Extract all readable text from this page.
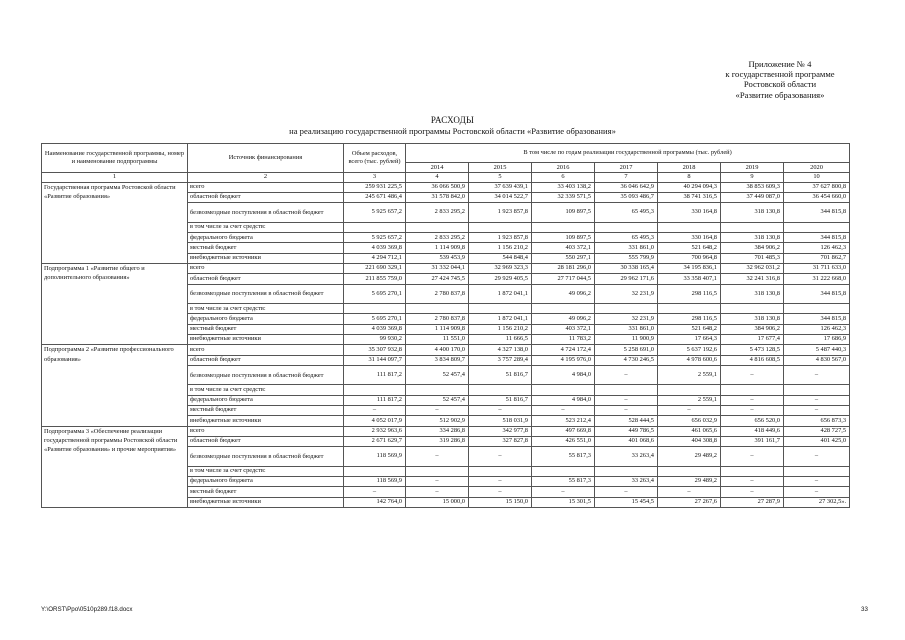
Приложение № 4
к государственной программе
Ростовской области
«Развитие образования»
РАСХОДЫ
на реализацию государственной программы Ростовской области «Развитие образования»
Наименование государственной программы, номер и наименование подпрограммы	Источник финансирования	Объем расходов, всего (тыс. рублей)	В том числе по годам реализации государственной программы (тыс. рублей)						
			2014	2015	2016	2017	2018	2019	2020
1	2	3	4	5	6	7	8	9	10
Государственная программа Ростовской области «Развитие образования»	всего	259 931 225,5	36 066 500,9	37 639 439,1	33 403 138,2	36 046 642,9	40 294 094,3	38 853 609,3	37 627 800,8
	областной бюджет	245 671 486,4	31 578 842,0	34 014 522,7	32 339 571,5	35 093 486,7	38 741 316,5	37 449 087,0	36 454 660,0
	безвозмездные поступления в областной бюджет	5 925 657,2	2 833 295,2	1 923 857,8	109 897,5	65 495,3	330 164,8	318 130,8	344 815,8
	в том числе за счет средств:								
	федерального бюджета	5 925 657,2	2 833 295,2	1 923 857,8	109 897,5	65 495,3	330 164,8	318 130,8	344 815,8
	местный бюджет	4 039 369,8	1 114 909,8	1 156 210,2	403 372,1	331 861,0	521 648,2	384 906,2	126 462,3
	внебюджетные источники	4 294 712,1	539 453,9	544 848,4	550 297,1	555 799,9	700 964,8	701 485,3	701 862,7
Подпрограмма 1 «Развитие общего и дополнительного образования»	всего	221 690 329,1	31 332 044,1	32 969 323,3	28 181 296,0	30 338 165,4	34 195 836,1	32 962 031,2	31 711 633,0
	областной бюджет	211 855 759,0	27 424 745,5	29 929 405,5	27 717 044,5	29 962 171,6	33 358 407,1	32 241 316,8	31 222 668,0
	безвозмездные поступления в областной бюджет	5 695 270,1	2 780 837,8	1 872 041,1	49 096,2	32 231,9	298 116,5	318 130,8	344 815,8
	в том числе за счет средств:								
	федерального бюджета	5 695 270,1	2 780 837,8	1 872 041,1	49 096,2	32 231,9	298 116,5	318 130,8	344 815,8
	местный бюджет	4 039 369,8	1 114 909,8	1 156 210,2	403 372,1	331 861,0	521 648,2	384 906,2	126 462,3
	внебюджетные источники	99 930,2	11 551,0	11 666,5	11 783,2	11 900,9	17 664,3	17 677,4	17 686,9
Подпрограмма 2 «Развитие профессионального образования»	всего	35 307 932,8	4 400 170,0	4 327 138,0	4 724 172,4	5 258 691,0	5 637 192,6	5 473 128,5	5 487 440,3
	областной бюджет	31 144 097,7	3 834 809,7	3 757 289,4	4 195 976,0	4 730 246,5	4 978 600,6	4 816 608,5	4 830 567,0
	безвозмездные поступления в областной бюджет	111 817,2	52 457,4	51 816,7	4 984,0	–	2 559,1	–	–
	в том числе за счет средств:								
	федерального бюджета	111 817,2	52 457,4	51 816,7	4 984,0	–	2 559,1	–	–
	местный бюджет	–	–	–	–	–	–	–	–
	внебюджетные источники	4 052 017,9	512 902,9	518 031,9	523 212,4	528 444,5	656 032,9	656 520,0	656 873,3
Подпрограмма 3 «Обеспечение реализации государственной программы Ростовской области «Развитие образования» и прочие мероприятия»	всего	2 932 963,6	334 286,8	342 977,8	497 669,8	449 786,5	461 065,6	418 449,6	428 727,5
	областной бюджет	2 671 629,7	319 286,8	327 827,8	426 551,0	401 068,6	404 308,8	391 161,7	401 425,0
	безвозмездные поступления в областной бюджет	118 569,9	–	–	55 817,3	33 263,4	29 489,2	–	–
	в том числе за счет средств:								
	федерального бюджета	118 569,9	–	–	55 817,3	33 263,4	29 489,2	–	–
	местный бюджет	–	–	–	–	–	–	–	–
	внебюджетные источники	142 764,0	15 000,0	15 150,0	15 301,5	15 454,5	27 267,6	27 287,9	27 302,5».
Y:\ORST\Ppo\0510p289.f18.docx	33
